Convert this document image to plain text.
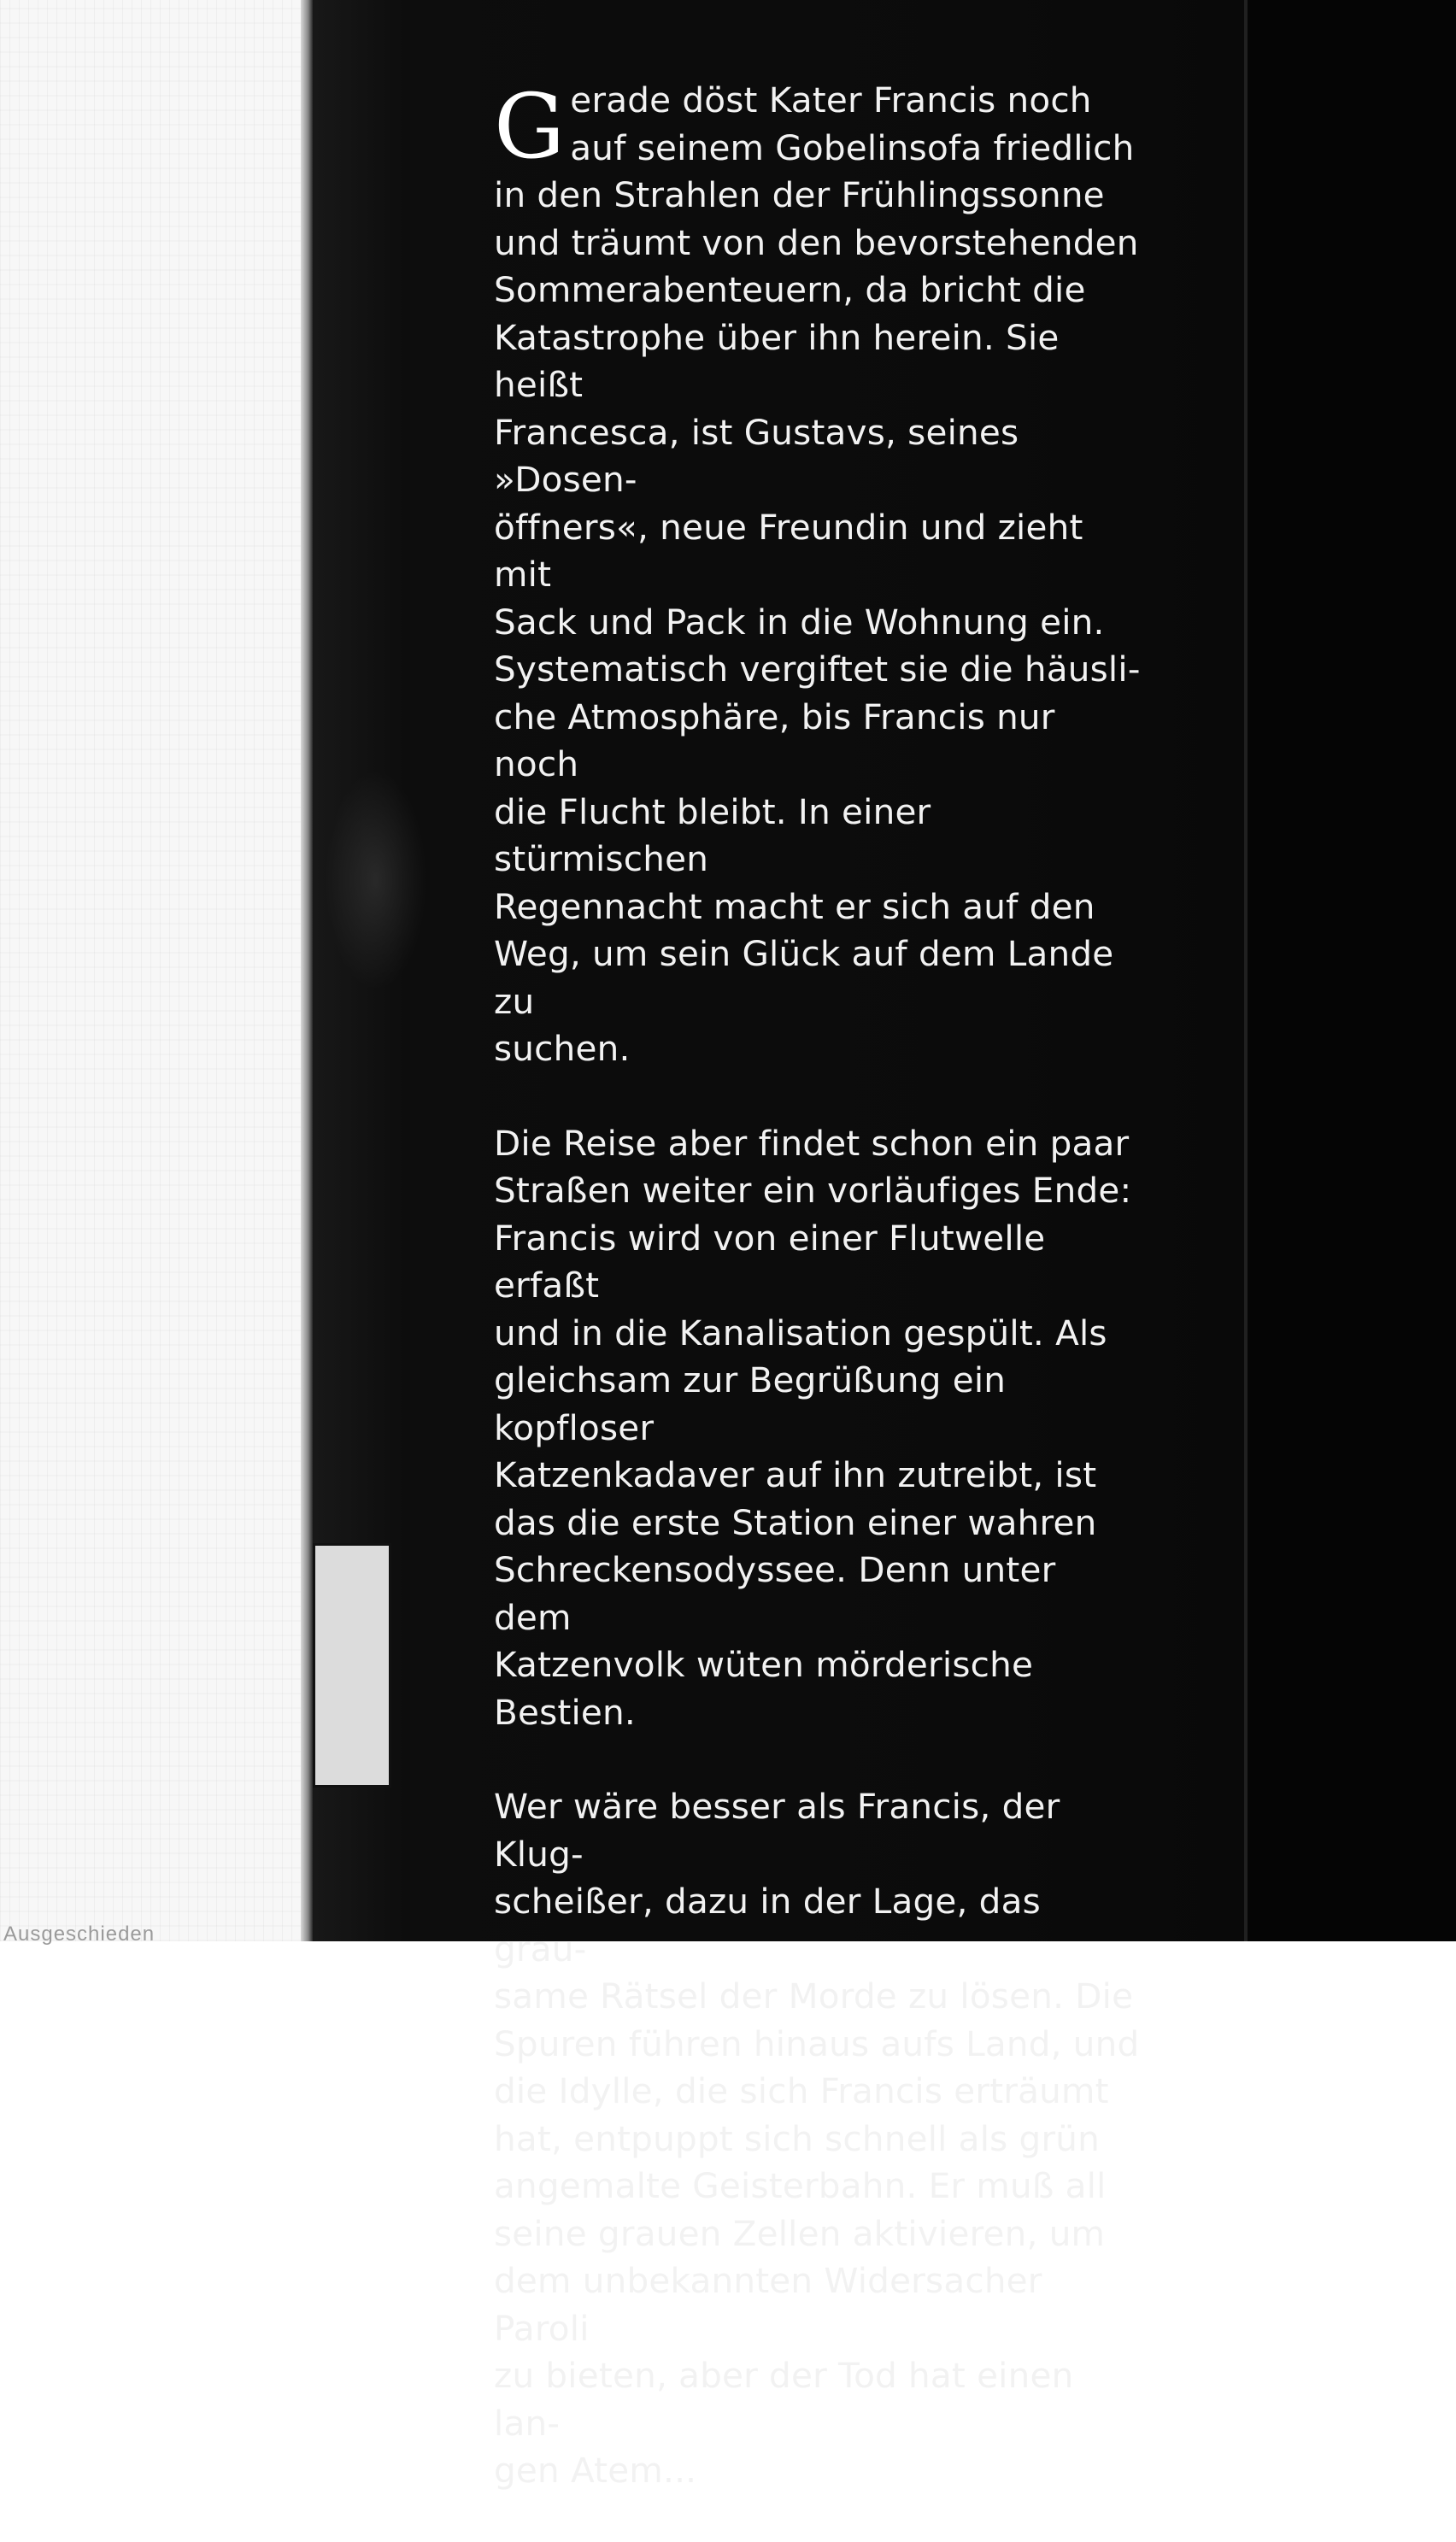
Ausgeschieden

Gerade döst Kater Francis noch
auf seinem Gobelinsofa friedlich
in den Strahlen der Frühlingssonne
und träumt von den bevorstehenden
Sommerabenteuern, da bricht die
Katastrophe über ihn herein. Sie heißt
Francesca, ist Gustavs, seines »Dosen-
öffners«, neue Freundin und zieht mit
Sack und Pack in die Wohnung ein.
Systematisch vergiftet sie die häusli-
che Atmosphäre, bis Francis nur noch
die Flucht bleibt. In einer stürmischen
Regennacht macht er sich auf den
Weg, um sein Glück auf dem Lande zu
suchen.

Die Reise aber findet schon ein paar
Straßen weiter ein vorläufiges Ende:
Francis wird von einer Flutwelle erfaßt
und in die Kanalisation gespült. Als
gleichsam zur Begrüßung ein kopfloser
Katzenkadaver auf ihn zutreibt, ist
das die erste Station einer wahren
Schreckensodyssee. Denn unter dem
Katzenvolk wüten mörderische
Bestien.

Wer wäre besser als Francis, der Klug-
scheißer, dazu in der Lage, das grau-
same Rätsel der Morde zu lösen. Die
Spuren führen hinaus aufs Land, und
die Idylle, die sich Francis erträumt
hat, entpuppt sich schnell als grün
angemalte Geisterbahn. Er muß all
seine grauen Zellen aktivieren, um
dem unbekannten Widersacher Paroli
zu bieten, aber der Tod hat einen lan-
gen Atem...
